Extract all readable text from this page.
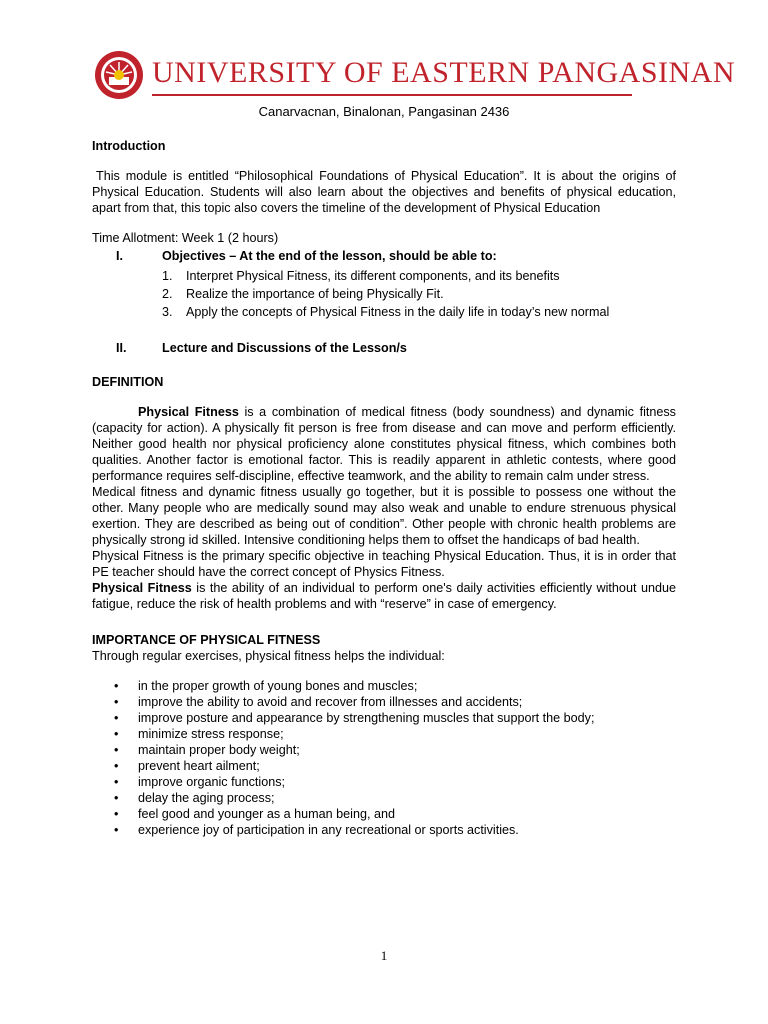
UNIVERSITY OF EASTERN PANGASINAN
Canarvacnan, Binalonan, Pangasinan 2436

Introduction

This module is entitled “Philosophical Foundations of Physical Education”. It is about the origins of Physical Education. Students will also learn about the objectives and benefits of physical education, apart from that, this topic also covers the timeline of the development of Physical Education

Time Allotment: Week 1 (2 hours)

I.	Objectives – At the end of the lesson, should be able to:
1.	Interpret Physical Fitness, its different components, and its benefits
2.	Realize the importance of being Physically Fit.
3.	Apply the concepts of Physical Fitness in the daily life in today’s new normal
II.	Lecture and Discussions of the Lesson/s

DEFINITION

Physical Fitness is a combination of medical fitness (body soundness) and dynamic fitness (capacity for action). A physically fit person is free from disease and can move and perform efficiently. Neither good health nor physical proficiency alone constitutes physical fitness, which combines both qualities. Another factor is emotional factor. This is readily apparent in athletic contests, where good performance requires self-discipline, effective teamwork, and the ability to remain calm under stress.

Medical fitness and dynamic fitness usually go together, but it is possible to possess one without the other. Many people who are medically sound may also weak and unable to endure strenuous physical exertion. They are described as being out of condition”. Other people with chronic health problems are physically strong id skilled. Intensive conditioning helps them to offset the handicaps of bad health.

Physical Fitness is the primary specific objective in teaching Physical Education. Thus, it is in order that PE teacher should have the correct concept of Physics Fitness.

Physical Fitness is the ability of an individual to perform one's daily activities efficiently without undue fatigue, reduce the risk of health problems and with “reserve” in case of emergency.

IMPORTANCE OF PHYSICAL FITNESS

Through regular exercises, physical fitness helps the individual:

•	in the proper growth of young bones and muscles;
•	improve the ability to avoid and recover from illnesses and accidents;
•	improve posture and appearance by strengthening muscles that support the body;
•	minimize stress response;
•	maintain proper body weight;
•	prevent heart ailment;
•	improve organic functions;
•	delay the aging process;
•	feel good and younger as a human being, and
•	experience joy of participation in any recreational or sports activities.
1
